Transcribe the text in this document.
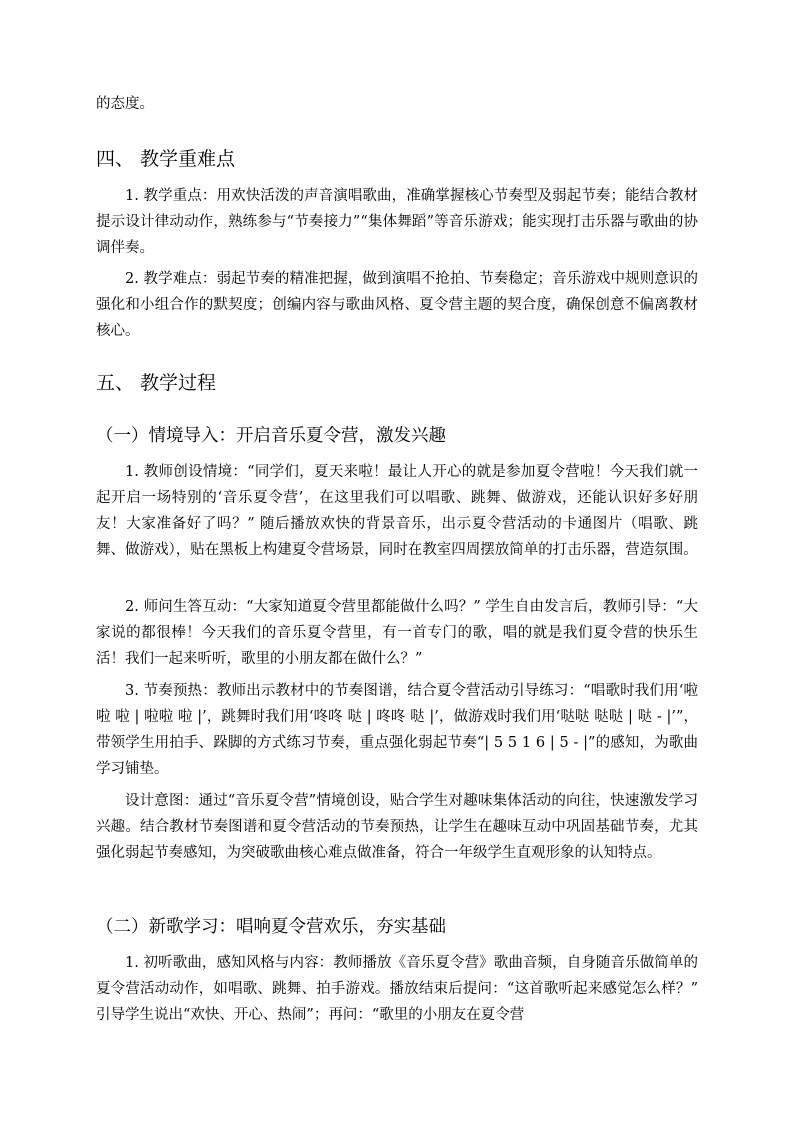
的态度。

四、 教学重难点

1. 教学重点：用欢快活泼的声音演唱歌曲，准确掌握核心节奏型及弱起节奏；能结合教材提示设计律动动作，熟练参与“节奏接力”“集体舞蹈”等音乐游戏；能实现打击乐器与歌曲的协调伴奏。

2. 教学难点：弱起节奏的精准把握，做到演唱不抢拍、节奏稳定；音乐游戏中规则意识的强化和小组合作的默契度；创编内容与歌曲风格、夏令营主题的契合度，确保创意不偏离教材核心。

五、 教学过程
（一）情境导入：开启音乐夏令营，激发兴趣

1. 教师创设情境：“同学们，夏天来啦！最让人开心的就是参加夏令营啦！今天我们就一起开启一场特别的‘音乐夏令营’，在这里我们可以唱歌、跳舞、做游戏，还能认识好多好朋友！大家准备好了吗？” 随后播放欢快的背景音乐，出示夏令营活动的卡通图片（唱歌、跳舞、做游戏），贴在黑板上构建夏令营场景，同时在教室四周摆放简单的打击乐器，营造氛围。

2. 师问生答互动：“大家知道夏令营里都能做什么吗？” 学生自由发言后，教师引导：“大家说的都很棒！今天我们的音乐夏令营里，有一首专门的歌，唱的就是我们夏令营的快乐生活！我们一起来听听，歌里的小朋友都在做什么？”

3. 节奏预热：教师出示教材中的节奏图谱，结合夏令营活动引导练习：“唱歌时我们用‘啦啦 啦 | 啦啦 啦 |’，跳舞时我们用‘咚咚 哒 | 咚咚 哒 |’，做游戏时我们用‘哒哒 哒哒 | 哒 - |’”，带领学生用拍手、跺脚的方式练习节奏，重点强化弱起节奏“| 5 5 1 6 | 5 - |”的感知，为歌曲学习铺垫。

设计意图：通过“音乐夏令营”情境创设，贴合学生对趣味集体活动的向往，快速激发学习兴趣。结合教材节奏图谱和夏令营活动的节奏预热，让学生在趣味互动中巩固基础节奏，尤其强化弱起节奏感知，为突破歌曲核心难点做准备，符合一年级学生直观形象的认知特点。

（二）新歌学习：唱响夏令营欢乐，夯实基础

1. 初听歌曲，感知风格与内容：教师播放《音乐夏令营》歌曲音频，自身随音乐做简单的夏令营活动动作，如唱歌、跳舞、拍手游戏。播放结束后提问：“这首歌听起来感觉怎么样？” 引导学生说出“欢快、开心、热闹”；再问：“歌里的小朋友在夏令营
